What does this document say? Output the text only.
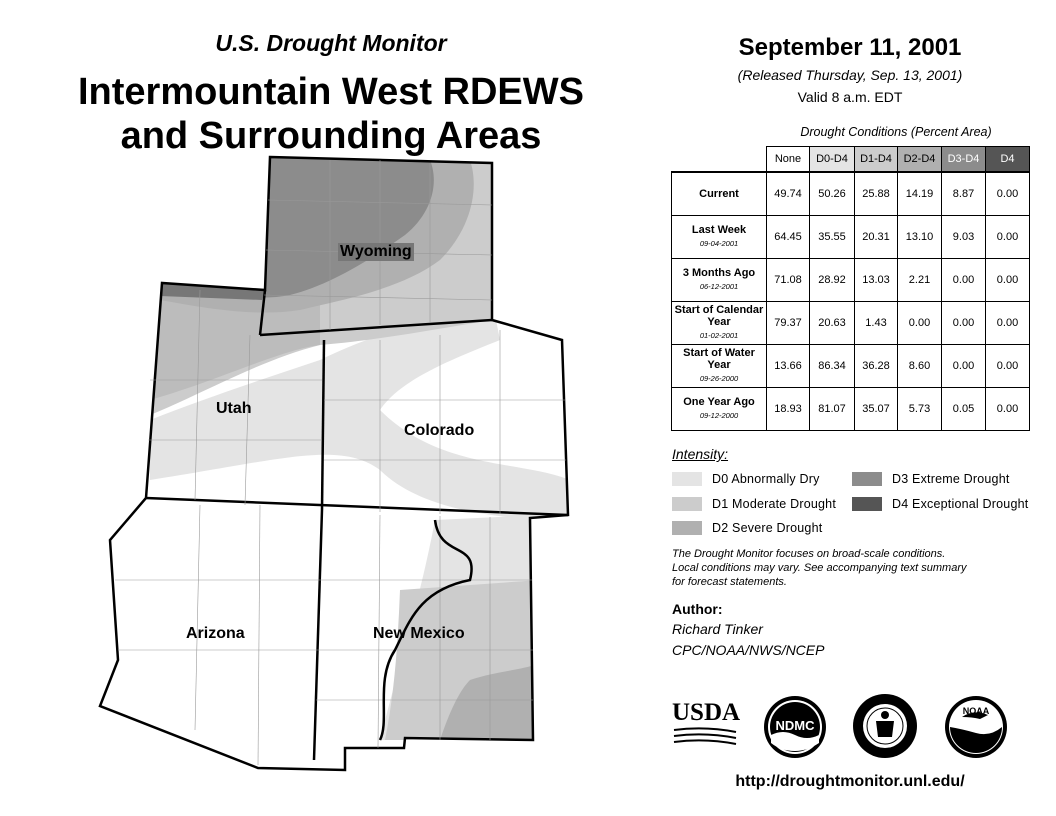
U.S. Drought Monitor
Intermountain West RDEWS
and Surrounding Areas
Wyoming
Utah
Colorado
Arizona	New Mexico
September 11, 2001
(Released Thursday, Sep. 13, 2001)
Valid 8 a.m. EDT
Drought Conditions (Percent Area)
	None	D0-D4	D1-D4	D2-D4	D3-D4	D4

Current	49.74	50.26	25.88	14.19	8.87	0.00

Last Week
09-04-2001	64.45	35.55	20.31	13.10	9.03	0.00

3 Months Ago
06-12-2001	71.08	28.92	13.03	2.21	0.00	0.00

Start of Calendar Year
01-02-2001	79.37	20.63	1.43	0.00	0.00	0.00

Start of Water Year
09-26-2000	13.66	86.34	36.28	8.60	0.00	0.00

One Year Ago
09-12-2000	18.93	81.07	35.07	5.73	0.05	0.00
Intensity:
D0 Abnormally Dry
D1 Moderate Drought
D2 Severe Drought
D3 Extreme Drought
D4 Exceptional Drought
The Drought Monitor focuses on broad-scale conditions.
Local conditions may vary. See accompanying text summary
for forecast statements.
Author:
Richard Tinker
CPC/NOAA/NWS/NCEP
USDA	NDMC
NOAA
http://droughtmonitor.unl.edu/
